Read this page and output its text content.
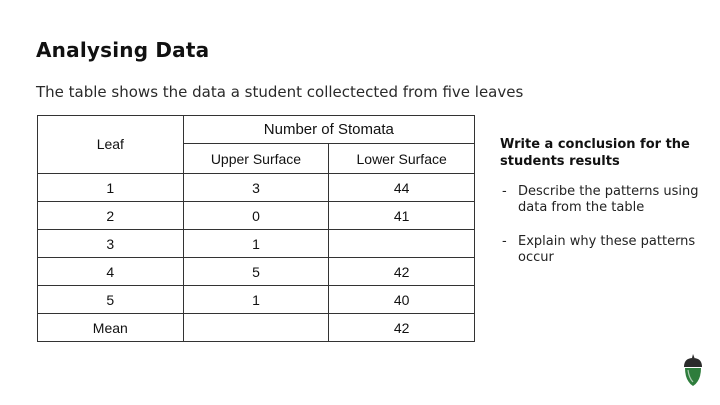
Analysing Data
The table shows the data a student collectected from five leaves
Leaf	Number of Stomata	
	Upper Surface	Lower Surface
1	3	44
2	0	41
3	1	
4	5	42
5	1	40
Mean		42
Write a conclusion for the students results
- Describe the patterns using data from the table
- Explain why these patterns occur
